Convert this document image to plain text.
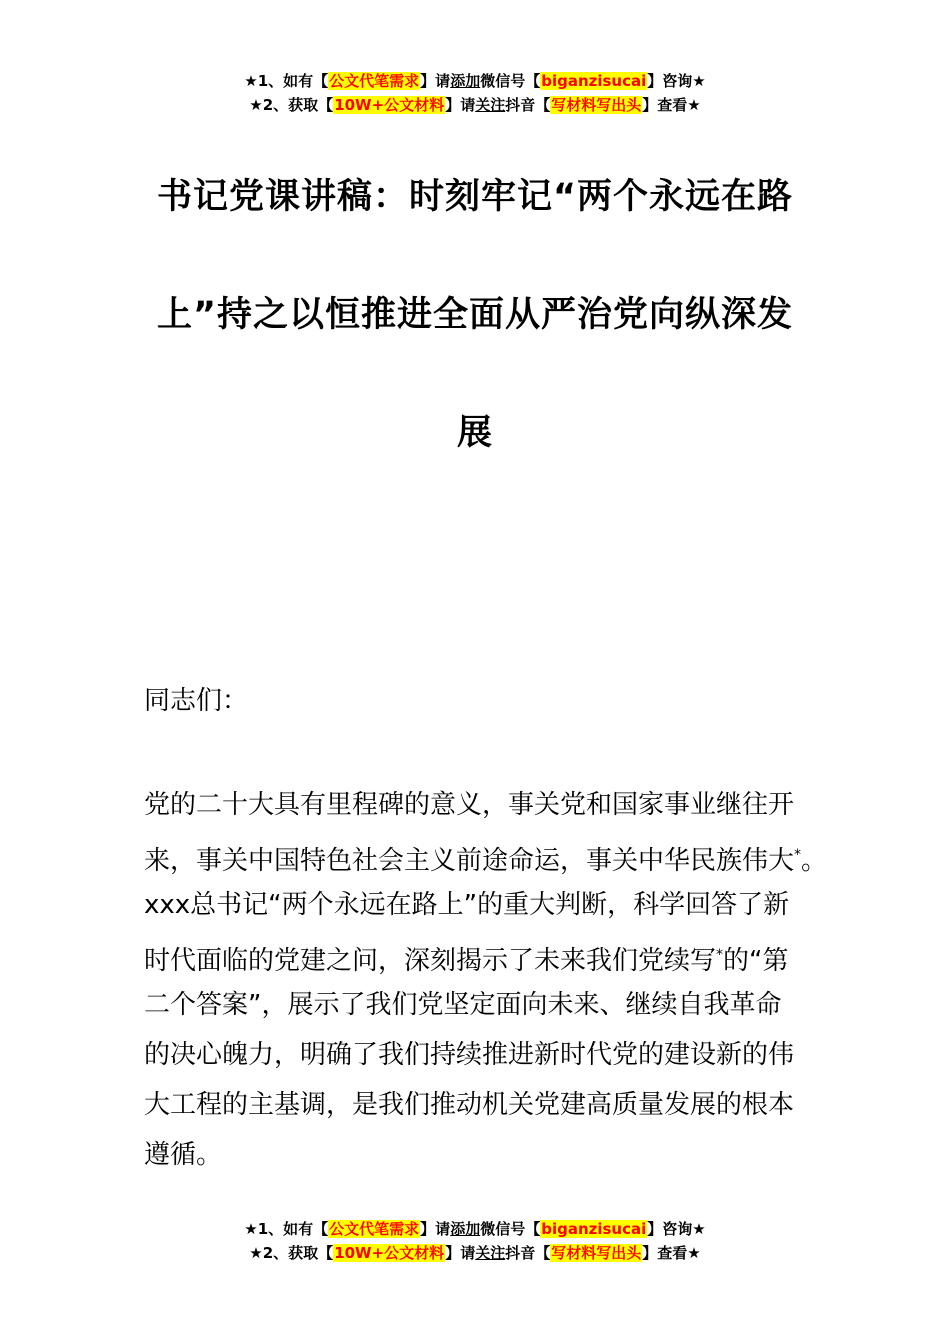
★1、如有【公文代笔需求】请添加微信号【biganzisucai】咨询★
★2、获取【10W+公文材料】请关注抖音【写材料写出头】查看★
书记党课讲稿：时刻牢记“两个永远在路
上”持之以恒推进全面从严治党向纵深发
展
同志们：
党的二十大具有里程碑的意义，事关党和国家事业继往开
来，事关中国特色社会主义前途命运，事关中华民族伟大*。
xxx总书记“两个永远在路上”的重大判断，科学回答了新
时代面临的党建之问，深刻揭示了未来我们党续写*的“第
二个答案”，展示了我们党坚定面向未来、继续自我革命
的决心魄力，明确了我们持续推进新时代党的建设新的伟
大工程的主基调，是我们推动机关党建高质量发展的根本
遵循。
★1、如有【公文代笔需求】请添加微信号【biganzisucai】咨询★
★2、获取【10W+公文材料】请关注抖音【写材料写出头】查看★
